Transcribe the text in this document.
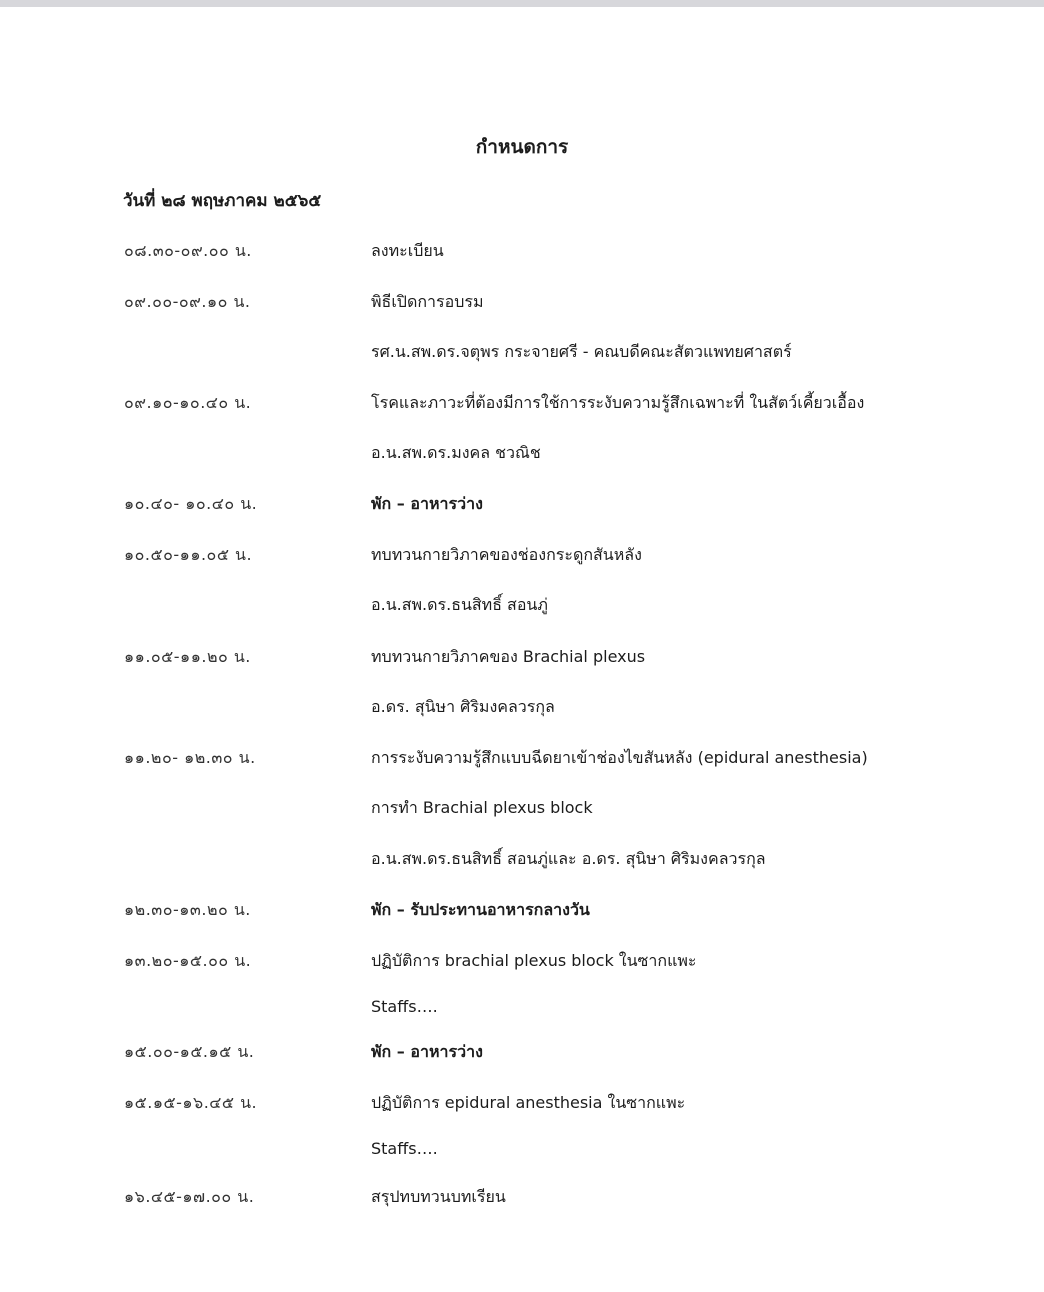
กำหนดการ
วันที่ ๒๘ พฤษภาคม ๒๕๖๕
๐๘.๓๐-๐๙.๐๐ น.	ลงทะเบียน
๐๙.๐๐-๐๙.๑๐ น.	พิธีเปิดการอบรม
รศ.น.สพ.ดร.จตุพร กระจายศรี - คณบดีคณะสัตวแพทยศาสตร์
๐๙.๑๐-๑๐.๔๐ น.	โรคและภาวะที่ต้องมีการใช้การระงับความรู้สึกเฉพาะที่ ในสัตว์เคี้ยวเอื้อง
อ.น.สพ.ดร.มงคล ชวณิช
๑๐.๔๐- ๑๐.๔๐ น.	พัก – อาหารว่าง
๑๐.๕๐-๑๑.๐๕ น.	ทบทวนกายวิภาคของช่องกระดูกสันหลัง
อ.น.สพ.ดร.ธนสิทธิ์ สอนภู่
๑๑.๐๕-๑๑.๒๐ น.	ทบทวนกายวิภาคของ Brachial plexus
อ.ดร. สุนิษา ศิริมงคลวรกุล
๑๑.๒๐- ๑๒.๓๐ น.	การระงับความรู้สึกแบบฉีดยาเข้าช่องไขสันหลัง (epidural anesthesia)
การทำ Brachial plexus block
อ.น.สพ.ดร.ธนสิทธิ์ สอนภู่และ อ.ดร. สุนิษา ศิริมงคลวรกุล
๑๒.๓๐-๑๓.๒๐ น.	พัก – รับประทานอาหารกลางวัน
๑๓.๒๐-๑๕.๐๐ น.	ปฏิบัติการ brachial plexus block ในซากแพะ
Staffs….
๑๕.๐๐-๑๕.๑๕ น.	พัก – อาหารว่าง
๑๕.๑๕-๑๖.๔๕ น.	ปฏิบัติการ epidural anesthesia ในซากแพะ
Staffs….
๑๖.๔๕-๑๗.๐๐ น.	สรุปทบทวนบทเรียน
